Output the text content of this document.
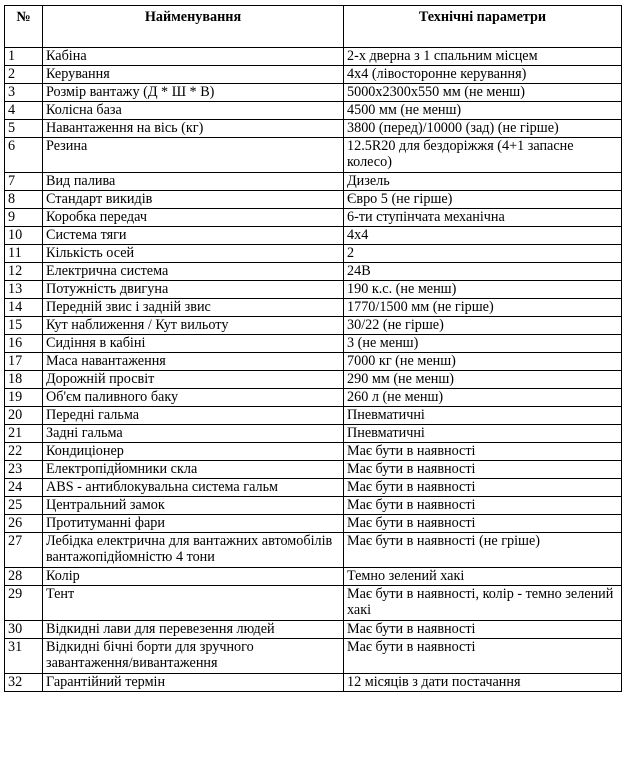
№	Найменування	Технічні параметри
1	Кабіна	2-х дверна з 1 спальним місцем
2	Керування	4х4 (лівосторонне керування)
3	Розмір вантажу (Д * Ш * В)	5000х2300х550 мм (не менш)
4	Колісна база	4500 мм (не менш)
5	Навантаження на вісь (кг)	3800 (перед)/10000 (зад) (не гірше)
6	Резина	12.5R20 для бездоріжжя (4+1 запасне колесо)
7	Вид палива	Дизель
8	Стандарт викидів	Євро 5 (не гірше)
9	Коробка передач	6-ти ступінчата механічна
10	Система тяги	4x4
11	Кількість осей	2
12	Електрична система	24В
13	Потужність двигуна	190 к.с. (не менш)
14	Передній звис і задній звис	1770/1500 мм (не гірше)
15	Кут наближення / Кут вильоту	30/22 (не гірше)
16	Сидіння в кабіні	3 (не менш)
17	Маса навантаження	7000 кг (не менш)
18	Дорожній просвіт	290 мм (не менш)
19	Об'єм паливного баку	260 л (не менш)
20	Передні гальма	Пневматичні
21	Задні гальма	Пневматичні
22	Кондиціонер	Має бути в наявності
23	Електропідйомники скла	Має бути в наявності
24	ABS - антиблокувальна система гальм	Має бути в наявності
25	Центральний замок	Має бути в наявності
26	Протитуманні фари	Має бути в наявності
27	Лебідка електрична для вантажних автомобілів вантажопідйомністю 4 тони	Має бути в наявності (не гріше)
28	Колір	Темно зелений хакі
29	Тент	Має бути в наявності, колір - темно зелений хакі
30	Відкидні лави для перевезення людей	Має бути в наявності
31	Відкидні бічні борти для зручного завантаження/вивантаження	Має бути в наявності
32	Гарантійний термін	12 місяців з дати постачання
